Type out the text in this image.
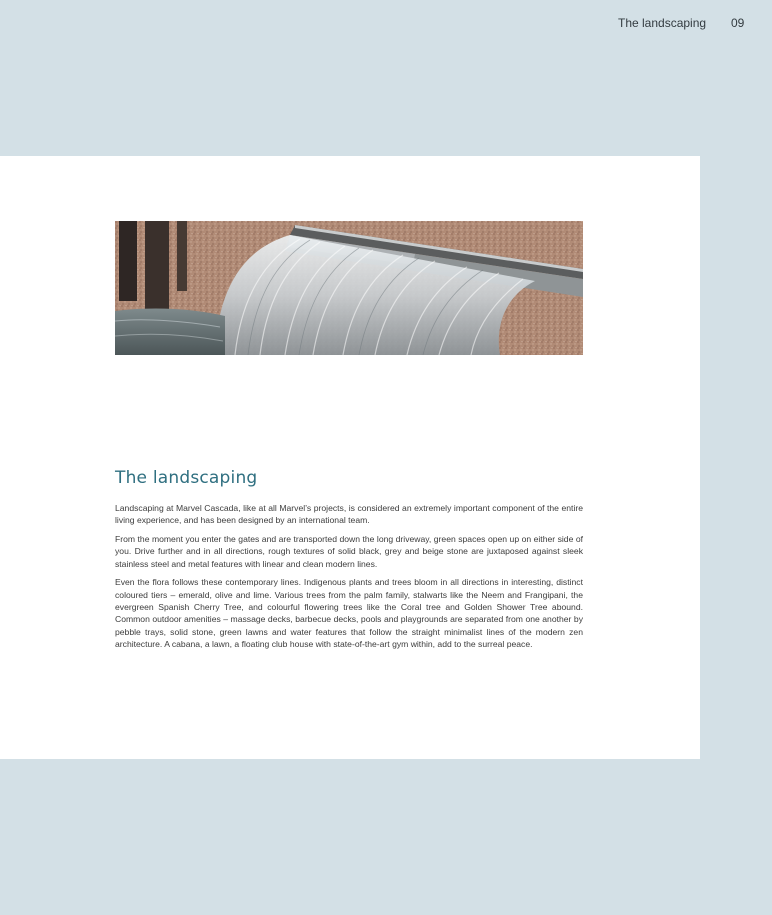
The landscaping 09
The landscaping

Landscaping at Marvel Cascada, like at all Marvel’s projects, is considered an extremely important component of the entire living experience, and has been designed by an international team.

From the moment you enter the gates and are transported down the long driveway, green spaces open up on either side of you. Drive further and in all directions, rough textures of solid black, grey and beige stone are juxtaposed against sleek stainless steel and metal features with linear and clean modern lines.

Even the flora follows these contemporary lines. Indigenous plants and trees bloom in all directions in interesting, distinct coloured tiers – emerald, olive and lime. Various trees from the palm family, stalwarts like the Neem and Frangipani, the evergreen Spanish Cherry Tree, and colourful flowering trees like the Coral tree and Golden Shower Tree abound. Common outdoor amenities – massage decks, barbecue decks, pools and playgrounds are separated from one another by pebble trays, solid stone, green lawns and water features that follow the straight minimalist lines of the modern zen architecture. A cabana, a lawn, a floating club house with state-of-the-art gym within, add to the surreal peace.
